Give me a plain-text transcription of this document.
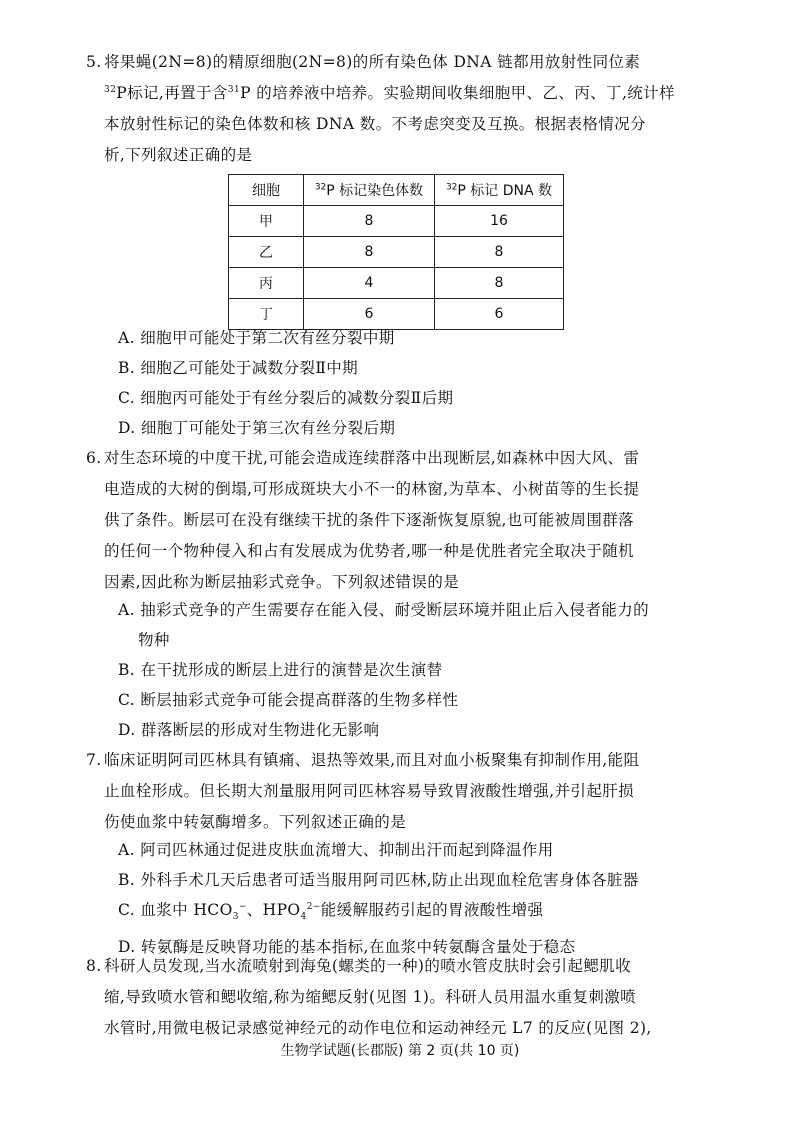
5. 将果蝇(2N=8)的精原细胞(2N=8)的所有染色体 DNA 链都用放射性同位素
$^{32}$P标记,再置于含$^{31}$P 的培养液中培养。实验期间收集细胞甲、乙、丙、丁,统计样
本放射性标记的染色体数和核 DNA 数。不考虑突变及互换。根据表格情况分
析,下列叙述正确的是
细胞	$^{32}$P 标记染色体数	$^{32}$P 标记 DNA 数
甲	8	16
乙	8	8
丙	4	8
丁	6	6
A. 细胞甲可能处于第二次有丝分裂中期
B. 细胞乙可能处于减数分裂Ⅱ中期
C. 细胞丙可能处于有丝分裂后的减数分裂Ⅱ后期
D. 细胞丁可能处于第三次有丝分裂后期
6. 对生态环境的中度干扰,可能会造成连续群落中出现断层,如森林中因大风、雷
电造成的大树的倒塌,可形成斑块大小不一的林窗,为草本、小树苗等的生长提
供了条件。断层可在没有继续干扰的条件下逐渐恢复原貌,也可能被周围群落
的任何一个物种侵入和占有发展成为优势者,哪一种是优胜者完全取决于随机
因素,因此称为断层抽彩式竞争。下列叙述错误的是
A. 抽彩式竞争的产生需要存在能入侵、耐受断层环境并阻止后入侵者能力的
物种
B. 在干扰形成的断层上进行的演替是次生演替
C. 断层抽彩式竞争可能会提高群落的生物多样性
D. 群落断层的形成对生物进化无影响
7. 临床证明阿司匹林具有镇痛、退热等效果,而且对血小板聚集有抑制作用,能阻
止血栓形成。但长期大剂量服用阿司匹林容易导致胃液酸性增强,并引起肝损
伤使血浆中转氨酶增多。下列叙述正确的是
A. 阿司匹林通过促进皮肤血流增大、抑制出汗而起到降温作用
B. 外科手术几天后患者可适当服用阿司匹林,防止出现血栓危害身体各脏器
C. 血浆中 $HCO_3^-$、$HPO_4^{2-}$能缓解服药引起的胃液酸性增强
D. 转氨酶是反映肾功能的基本指标,在血浆中转氨酶含量处于稳态
8. 科研人员发现,当水流喷射到海兔(螺类的一种)的喷水管皮肤时会引起鳃肌收
缩,导致喷水管和鳃收缩,称为缩鳃反射(见图 1)。科研人员用温水重复刺激喷
水管时,用微电极记录感觉神经元的动作电位和运动神经元 L7 的反应(见图 2),
生物学试题(长郡版) 第 2 页(共 10 页)
